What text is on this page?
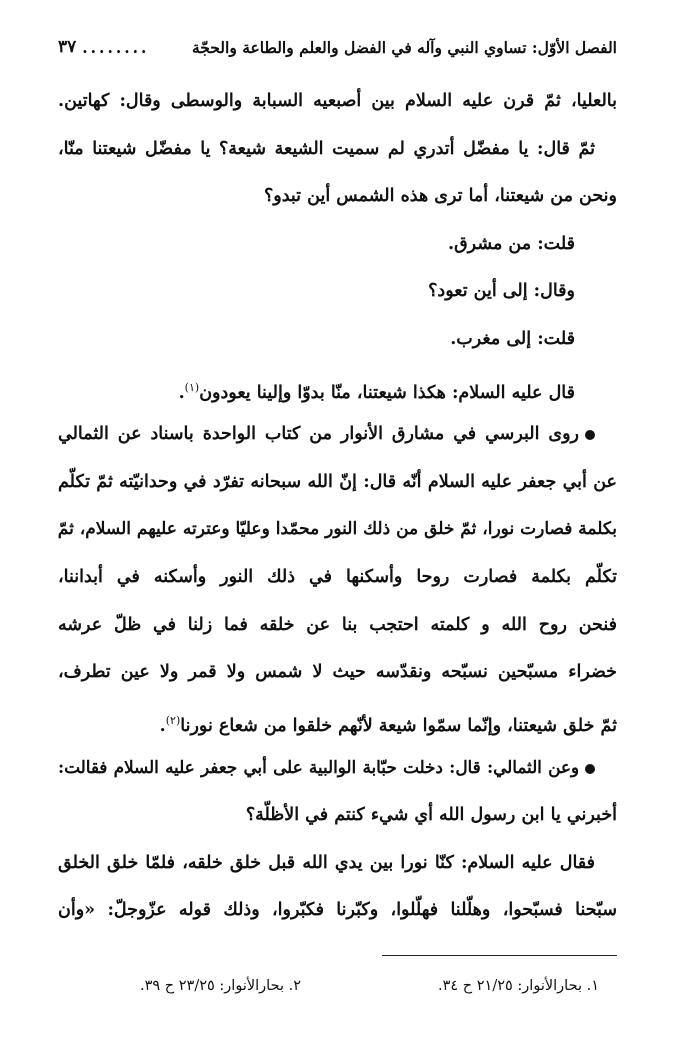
الفصل الأوّل: تساوي النبي وآله في الفضل والعلم والطاعة والحجّة
........
٣٧
بالعليا، ثمّ قرن عليه السلام بين أصبعيه السبابة والوسطى وقال: كهاتين.
ثمّ قال: يا مفضّل أتدري لم سميت الشيعة شيعة؟ يا مفضّل شيعتنا منّا،
ونحن من شيعتنا، أما ترى هذه الشمس أين تبدو؟
قلت: من مشرق.
وقال: إلى أين تعود؟
قلت: إلى مغرب.
قال عليه السلام: هكذا شيعتنا، منّا بدوّا وإلينا يعودون$^{(١)}$.
روى البرسي في مشارق الأنوار من كتاب الواحدة باسناد عن الثمالي
عن أبي جعفر عليه السلام أنّه قال: إنّ الله سبحانه تفرّد في وحدانيّته ثمّ تكلّم
بكلمة فصارت نورا، ثمّ خلق من ذلك النور محمّدا وعليّا وعترته عليهم السلام، ثمّ
تكلّم بكلمة فصارت روحا وأسكنها في ذلك النور وأسكنه في أبداننا،
فنحن روح الله و كلمته احتجب بنا عن خلقه فما زلنا في ظلّ عرشه
خضراء مسبّحين نسبّحه ونقدّسه حيث لا شمس ولا قمر ولا عين تطرف،
ثمّ خلق شيعتنا، وإنّما سمّوا شيعة لأنّهم خلقوا من شعاع نورنا$^{(٢)}$.
وعن الثمالي: قال: دخلت حبّابة الوالبية على أبي جعفر عليه السلام فقالت:
أخبرني يا ابن رسول الله أي شيء كنتم في الأظلّة؟
فقال عليه السلام: كنّا نورا بين يدي الله قبل خلق خلقه، فلمّا خلق الخلق
سبّحنا فسبّحوا، وهلّلنا فهلّلوا، وكبّرنا فكبّروا، وذلك قوله عزّوجلّ: «وأن
١. بحارالأنوار: ٢١/٢٥ ح ٣٤.
٢. بحارالأنوار: ٢٣/٢٥ ح ٣٩.
